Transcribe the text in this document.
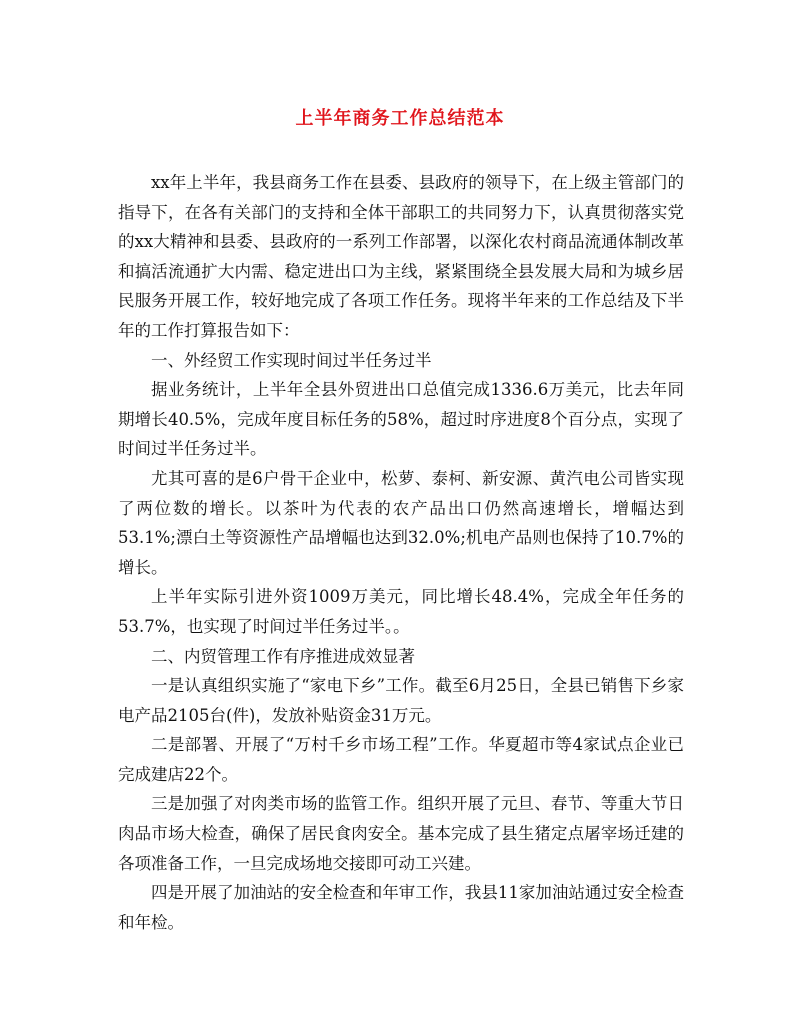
上半年商务工作总结范本

xx年上半年，我县商务工作在县委、县政府的领导下，在上级主管部门的指导下，在各有关部门的支持和全体干部职工的共同努力下，认真贯彻落实党的xx大精神和县委、县政府的一系列工作部署，以深化农村商品流通体制改革和搞活流通扩大内需、稳定进出口为主线，紧紧围绕全县发展大局和为城乡居民服务开展工作，较好地完成了各项工作任务。现将半年来的工作总结及下半年的工作打算报告如下：

一、外经贸工作实现时间过半任务过半

据业务统计，上半年全县外贸进出口总值完成1336.6万美元，比去年同期增长40.5%，完成年度目标任务的58%，超过时序进度8个百分点，实现了时间过半任务过半。

尤其可喜的是6户骨干企业中，松萝、泰柯、新安源、黄汽电公司皆实现了两位数的增长。以茶叶为代表的农产品出口仍然高速增长，增幅达到53.1%;漂白土等资源性产品增幅也达到32.0%;机电产品则也保持了10.7%的增长。

上半年实际引进外资1009万美元，同比增长48.4%，完成全年任务的53.7%，也实现了时间过半任务过半。。

二、内贸管理工作有序推进成效显著

一是认真组织实施了“家电下乡”工作。截至6月25日，全县已销售下乡家电产品2105台(件)，发放补贴资金31万元。

二是部署、开展了“万村千乡市场工程”工作。华夏超市等4家试点企业已完成建店22个。

三是加强了对肉类市场的监管工作。组织开展了元旦、春节、等重大节日肉品市场大检查，确保了居民食肉安全。基本完成了县生猪定点屠宰场迁建的各项准备工作，一旦完成场地交接即可动工兴建。

四是开展了加油站的安全检查和年审工作，我县11家加油站通过安全检查和年检。
